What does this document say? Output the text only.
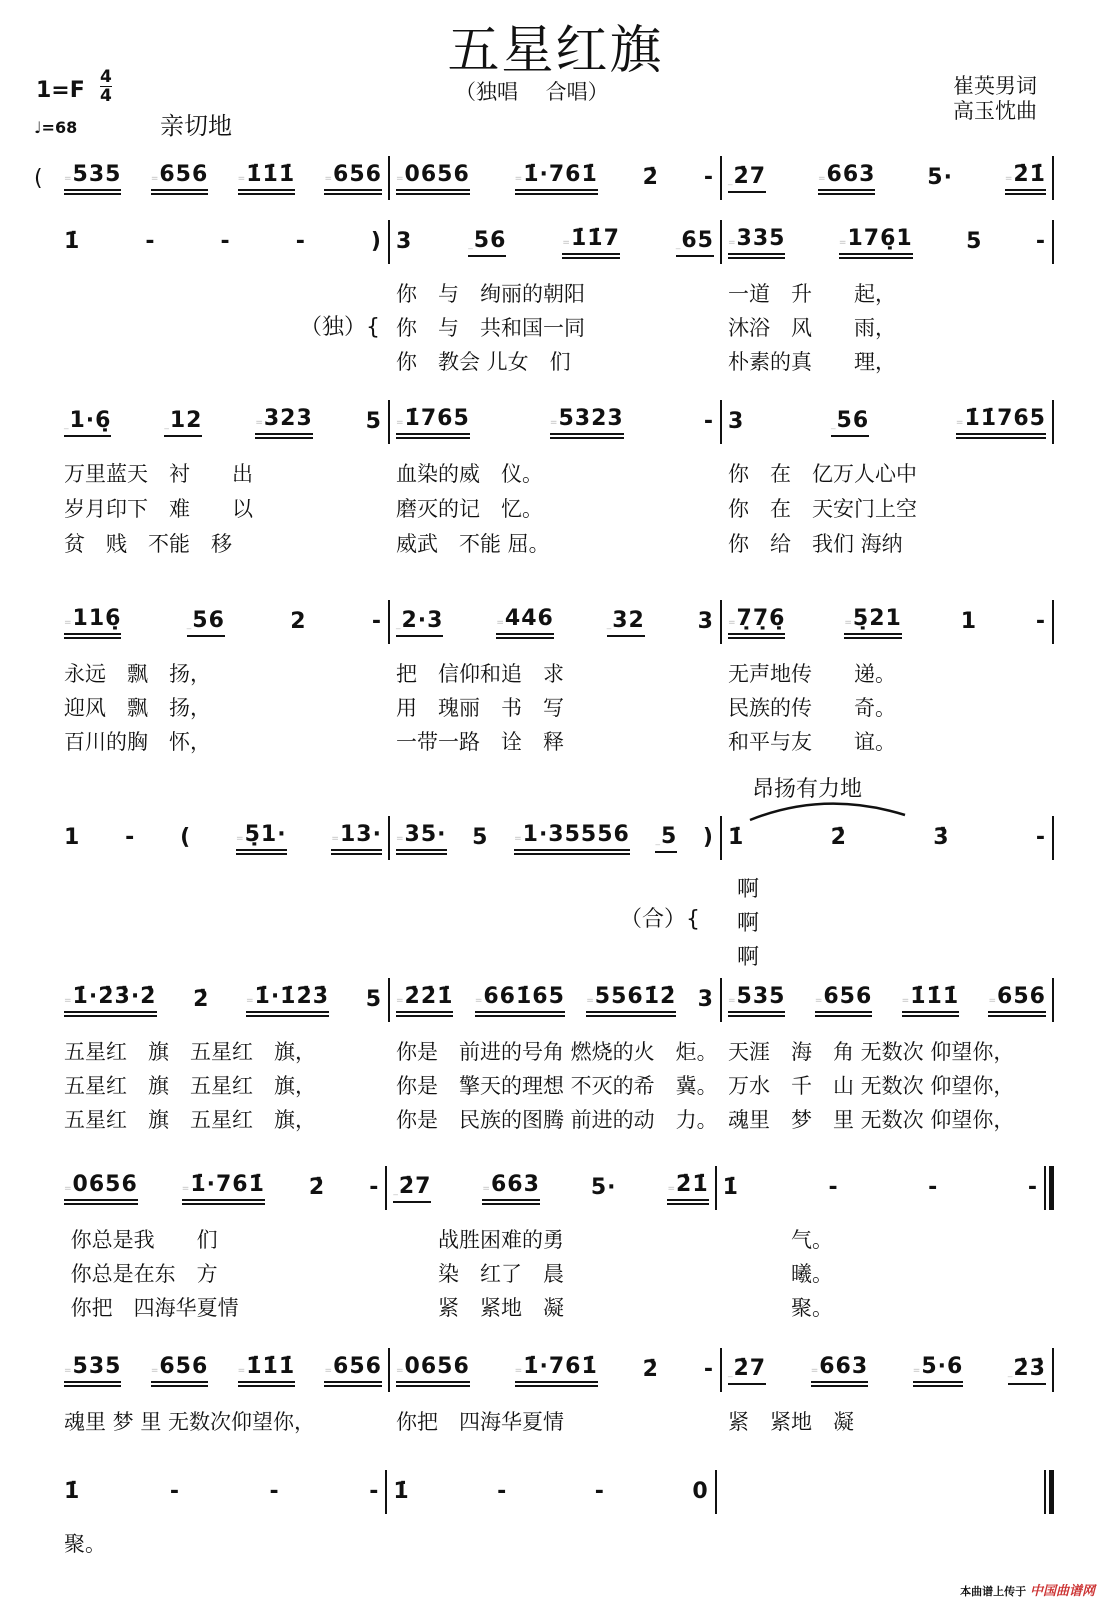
五星红旗
（独唱　 合唱）	崔英男词
高玉忱曲
1=F
4
4
♩=68	亲切地
( =535 =656 =1̇1̇1̇ =656 =0656 =1̇·761̇ 2̇ - _2̇7 =663 5· =2̇1̇
1̇	-	-	-	) 3	_56	=1̇1̇7	_65 =335 =176̣1 5 -
你　与　绚丽的朝阳	一道　升　　起，
你　与　共和国一同	沐浴　风　　雨，
你　教会 儿女　们	朴素的真　　理，
_1·6̣ _12 =323 5 =1̇765	=5323	- 3	_56	=1̇1̇765
万里蓝天　衬　　出	血染的威　仪。	你　在　亿万人心中
岁月印下　难　　以	磨灭的记　忆。	你　在　天安门上空
贫　贱　不能　移	威武　不能 屈。	你　给　我们 海纳
=116̣	_56	2	- _2·3 =446 _32 3 =7̣7̣6̣	=5̣21	1	-
永远　飘　扬，	把　信仰和追　求	无声地传　　递。
迎风　飘　扬，	用　瑰丽　书　写	民族的传　　奇。
百川的胸　怀，	一带一路　诠　释	和平与友　　谊。
1 - ( =5̣1· =13· =35· 5 =1·35556 _5 ) 1̇	2̇	3̇	-
=1̇·2̇3̇·2̇ 2̇ =1̇·1̇2̇3̇ 5 =2̇2̇1̇ =661̇65 =5561̇2̇ 3 =535 =656 =1̇1̇1̇ =656
五星红　旗　五星红　旗，	你是　前进的号角 燃烧的火　炬。 天涯　海　角 无数次 仰望你，
五星红　旗　五星红　旗，	你是　擎天的理想 不灭的希　冀。 万水　千　山 无数次 仰望你，
五星红　旗　五星红　旗，	你是　民族的图腾 前进的动　力。 魂里　梦　里 无数次 仰望你，
=0656 =1̇·761̇ 2̇ - _2̇7 =663 5· =2̇1̇ 1̇	-	-	-
你总是我　　们	　　战胜困难的勇	　　　气。
你总是在东　方	　　染　红了　晨	　　　曦。
你把　四海华夏情	　　紧　紧地　凝	　　　聚。
=535 =656 =1̇1̇1̇ =656 =0656 =1̇·761̇ 2̇ - _2̇7 =663 =5·6 _2̇3̇
魂里 梦 里 无数次仰望你，	你把　四海华夏情	紧　紧地　凝
1̇	-	-	- 1̇	-	-	0
聚。
（独）{
昂扬有力地
（合）{
啊
啊
啊
本曲谱上传于 中国曲谱网
